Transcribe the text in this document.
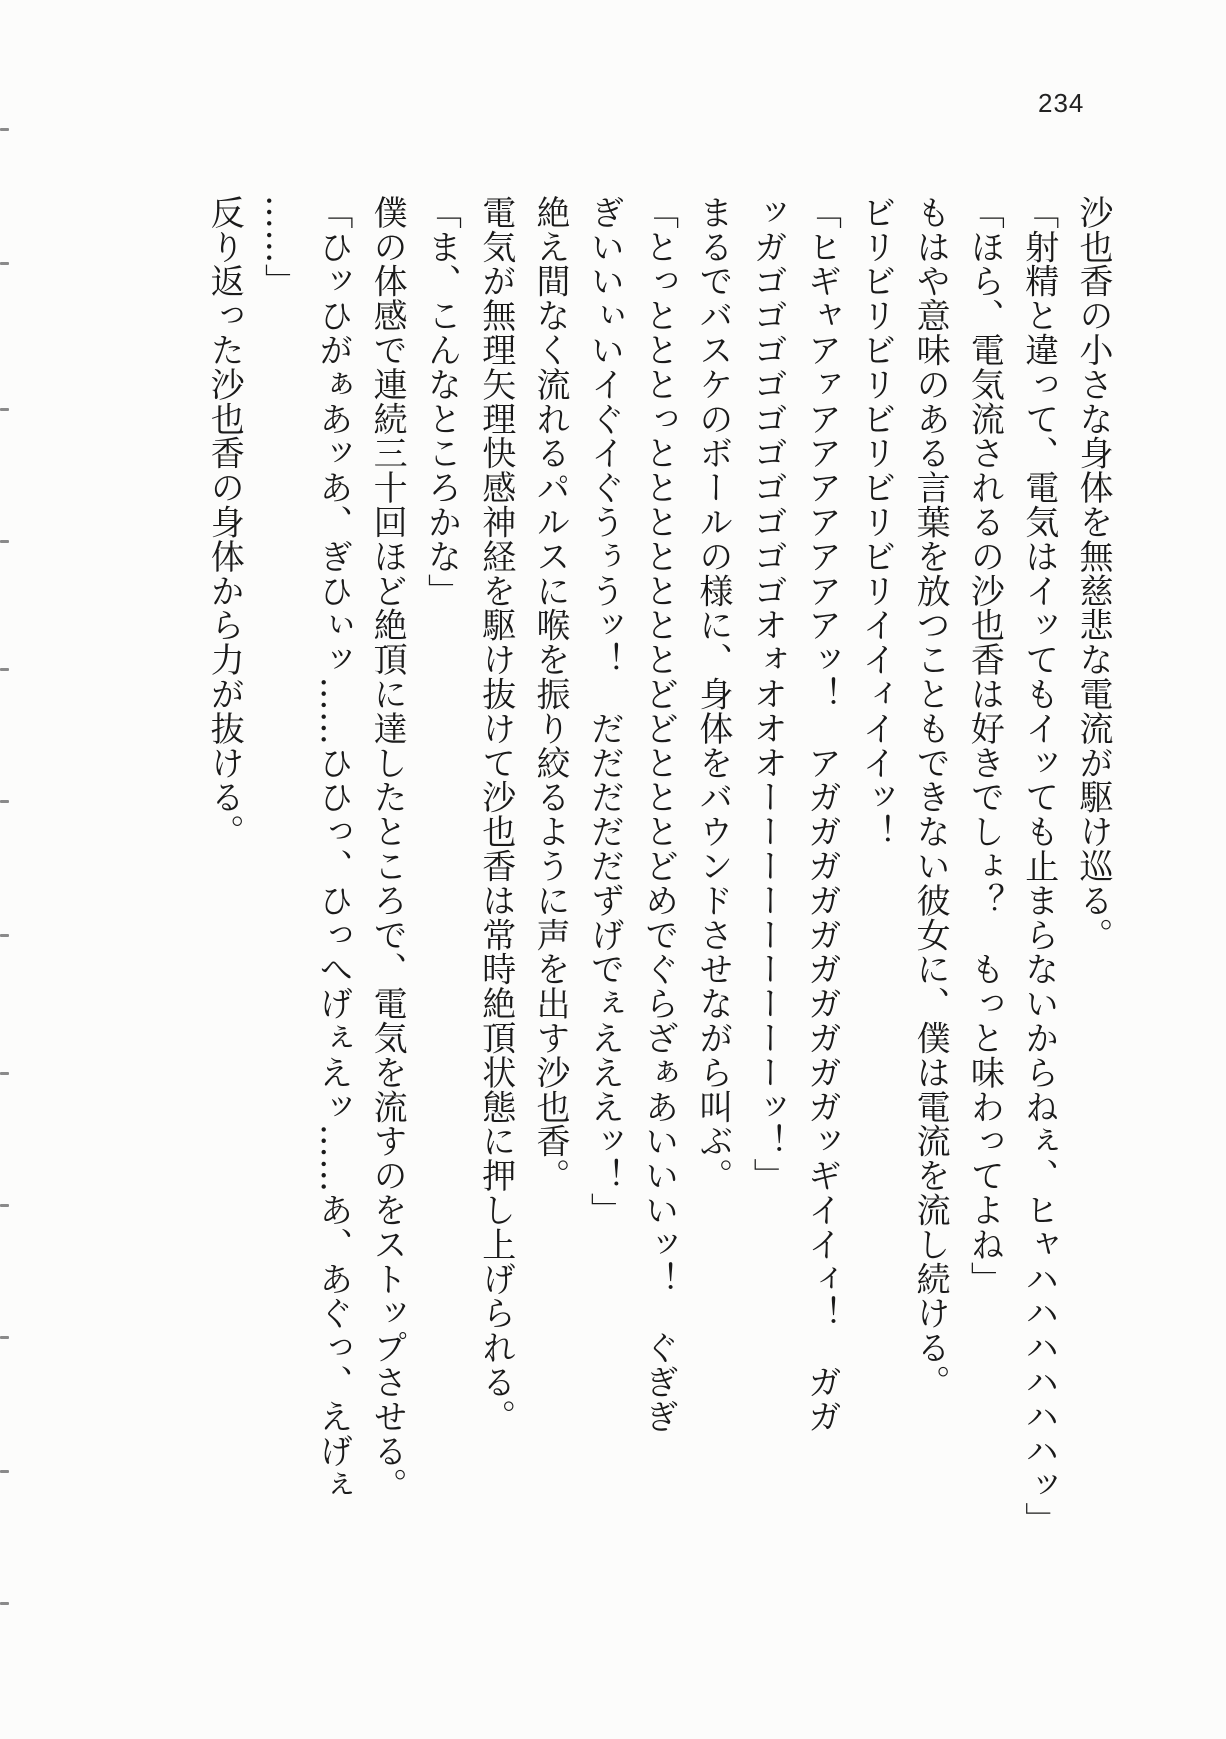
234
沙也香の小さな身体を無慈悲な電流が駆け巡る。
「射精と違って、電気はイッてもイッても止まらないからねぇ、ヒャハハハハハハッ」
「ほら、電気流されるの沙也香は好きでしょ？　もっと味わってよね」
もはや意味のある言葉を放つこともできない彼女に、僕は電流を流し続ける。
ビリビリビリビリビリビリイイィイイッ！
「ヒギャアァアアアアアアアッ！　アガガガガガガガガガガッギイイィ！　ガガ
ッガゴゴゴゴゴゴゴゴゴゴオォオオオーーーーーーーーーッ！」
まるでバスケのボールの様に、身体をバウンドさせながら叫ぶ。
「とっとととっとととととととどどとととどめでぐらざぁあいいいッ！　ぐぎぎ
ぎいいぃいイぐイぐうぅうッ！　だだだだだずげでぇえええッ！」
絶え間なく流れるパルスに喉を振り絞るように声を出す沙也香。
電気が無理矢理快感神経を駆け抜けて沙也香は常時絶頂状態に押し上げられる。
「ま、こんなところかな」
僕の体感で連続三十回ほど絶頂に達したところで、電気を流すのをストップさせる。
「ひッひがぁあッあ、ぎひぃッ……ひひっ、ひっへげぇえッ……あ、あぐっ、えげぇ
……」
反り返った沙也香の身体から力が抜ける。
